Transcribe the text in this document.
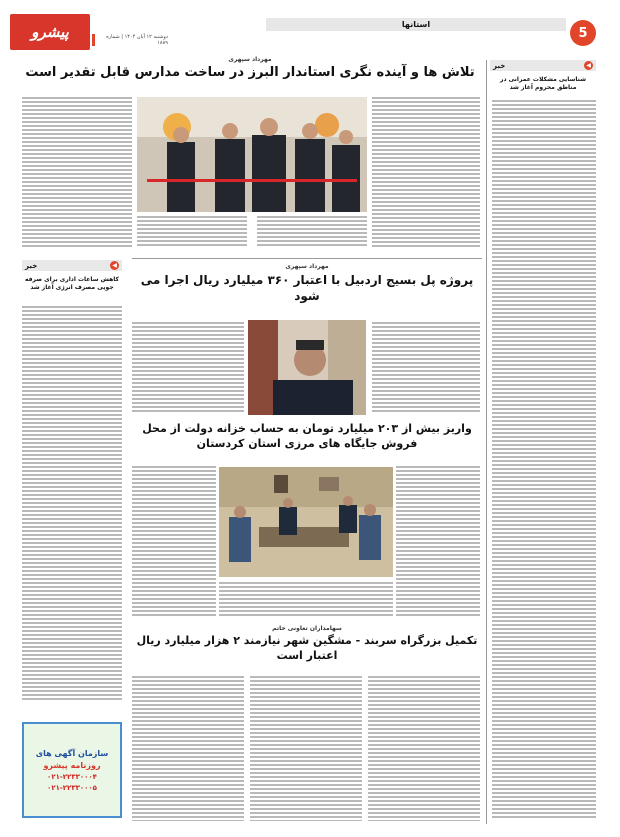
5
استانها
دوشنبه ۱۲ آبان ۱۴۰۴ | شماره ۱۸۸۹
پیشرو
مهرداد سپهری
تلاش ها و آینده نگری استاندار البرز در ساخت مدارس قابل تقدیر است
◀
خبر
کاهش ساعات اداری برای صرفه جویی مصرف انرژی آغاز شد
مهرداد سپهری
پروژه پل بسیج اردبیل با اعتبار ۳۶۰ میلیارد ریال اجرا می شود
واریز بیش از ۲۰۳ میلیارد تومان به حساب خزانه دولت از محل فروش جایگاه های مرزی استان کردستان
سهامداران تعاونی خاتم
تکمیل بزرگراه سربند - مشگین شهر نیازمند ۲ هزار میلیارد ریال اعتبار است
سازمان آگهی های
روزنامه پیشرو
۰۲۱-۲۲۳۳۰۰۰۴
۰۲۱-۲۲۳۳۰۰۰۵
◀
خبر
شناسایی مشکلات عمرانی در مناطق محروم آغاز شد
